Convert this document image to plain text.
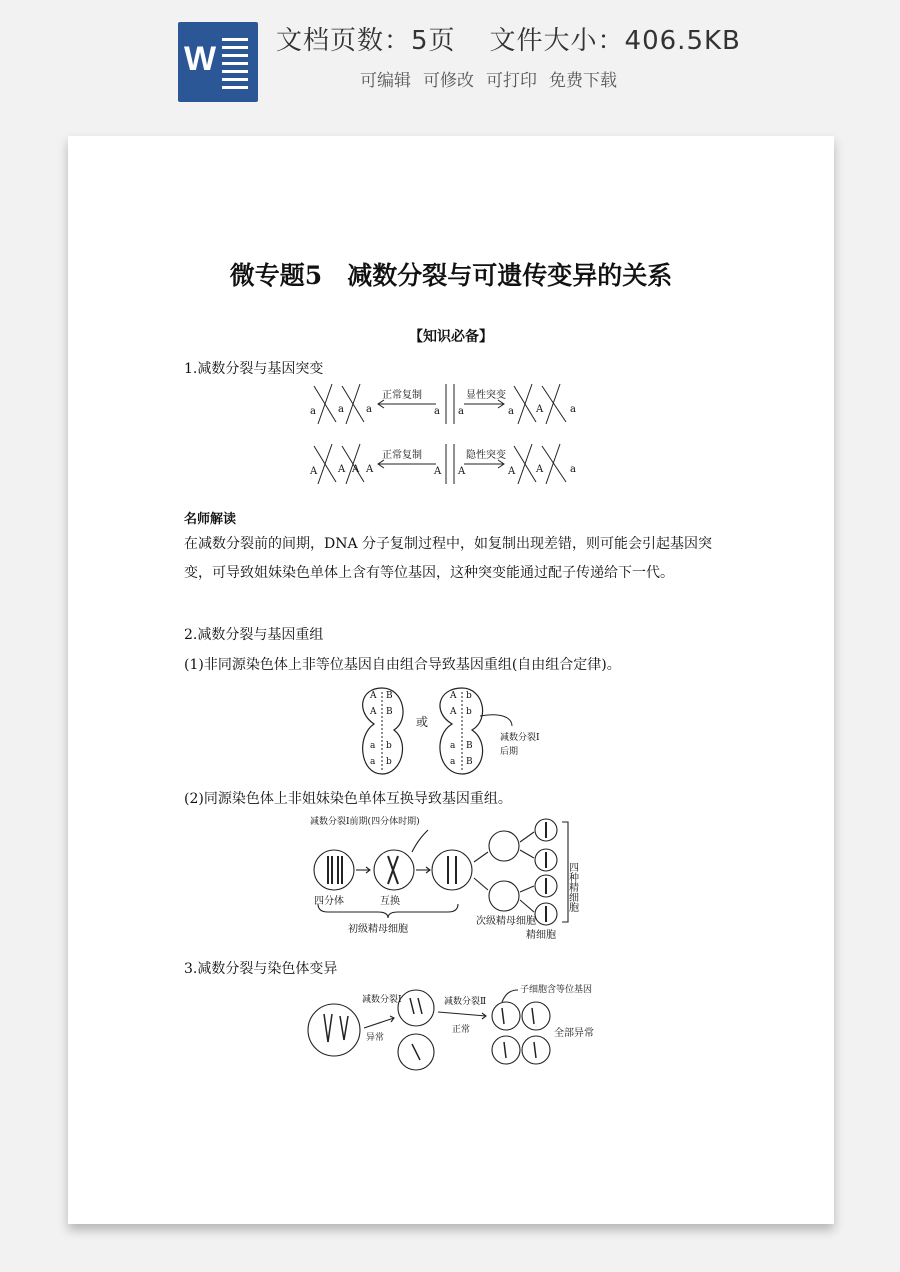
W 文档页数：5页 文件大小：406.5KB
可编辑 可修改 可打印 免费下载
微专题5　减数分裂与可遗传变异的关系
【知识必备】
1.减数分裂与基因突变
a a a	a a	a A	a
A A A A	A A	A A	a
正常复制	显性突变
正常复制	隐性突变
名师解读
在减数分裂前的间期，DNA 分子复制过程中，如复制出现差错，则可能会引起基因突变，可导致姐妹染色单体上含有等位基因，这种突变能通过配子传递给下一代。
2.减数分裂与基因重组
(1)非同源染色体上非等位基因自由组合导致基因重组(自由组合定律)。
A B
A B
a b
a b
A b
A b
a B
a B
或
减数分裂Ⅰ
后期
(2)同源染色体上非姐妹染色单体互换导致基因重组。
减数分裂Ⅰ前期(四分体时期)
四分体	互换
初级精母细胞
次级精母细胞
精细胞
四种精细胞
3.减数分裂与染色体变异
减数分裂Ⅰ
异常
减数分裂Ⅱ
正常
子细胞含等位基因
全部异常
